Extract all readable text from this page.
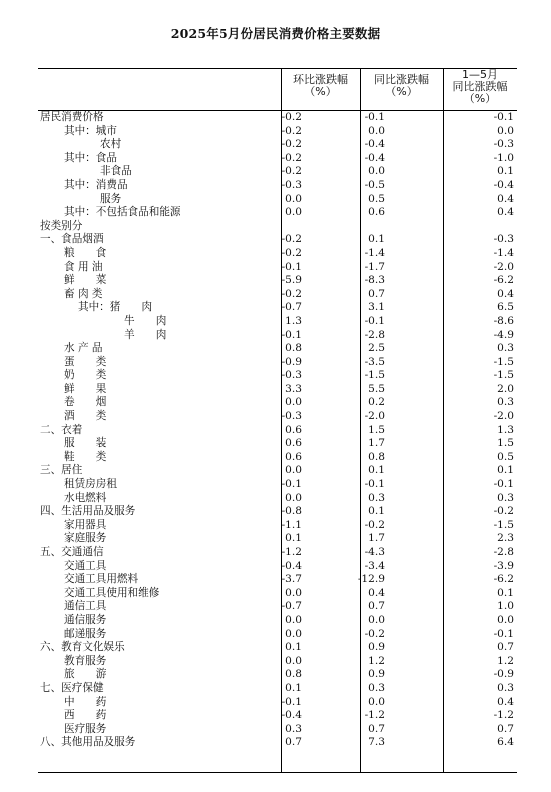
2025年5月份居民消费价格主要数据
环比涨跌幅
（%）
同比涨跌幅
（%）
1—5月
同比涨跌幅
（%）
居民消费价格	-0.2	-0.1	-0.1
其中：城市	-0.2	0.0	0.0
农村	-0.2	-0.4	-0.3
其中：食品	-0.2	-0.4	-1.0
非食品	-0.2	0.0	0.1
其中：消费品	-0.3	-0.5	-0.4
服务	0.0	0.5	0.4
其中：不包括食品和能源	0.0	0.6	0.4
按类别分
一、食品烟酒	-0.2	0.1	-0.3
粮　　食	-0.2	-1.4	-1.4
食 用 油	-0.1	-1.7	-2.0
鲜　　菜	-5.9	-8.3	-6.2
畜 肉 类	-0.2	0.7	0.4
其中：猪　　肉	-0.7	3.1	6.5
牛　　肉	1.3	-0.1	-8.6
羊　　肉	-0.1	-2.8	-4.9
水 产 品	0.8	2.5	0.3
蛋　　类	-0.9	-3.5	-1.5
奶　　类	-0.3	-1.5	-1.5
鲜　　果	3.3	5.5	2.0
卷　　烟	0.0	0.2	0.3
酒　　类	-0.3	-2.0	-2.0
二、衣着	0.6	1.5	1.3
服　　装	0.6	1.7	1.5
鞋　　类	0.6	0.8	0.5
三、居住	0.0	0.1	0.1
租赁房房租	-0.1	-0.1	-0.1
水电燃料	0.0	0.3	0.3
四、生活用品及服务	-0.8	0.1	-0.2
家用器具	-1.1	-0.2	-1.5
家庭服务	0.1	1.7	2.3
五、交通通信	-1.2	-4.3	-2.8
交通工具	-0.4	-3.4	-3.9
交通工具用燃料	-3.7	-12.9	-6.2
交通工具使用和维修	0.0	0.4	0.1
通信工具	-0.7	0.7	1.0
通信服务	0.0	0.0	0.0
邮递服务	0.0	-0.2	-0.1
六、教育文化娱乐	0.1	0.9	0.7
教育服务	0.0	1.2	1.2
旅　　游	0.8	0.9	-0.9
七、医疗保健	0.1	0.3	0.3
中　　药	-0.1	0.0	0.4
西　　药	-0.4	-1.2	-1.2
医疗服务	0.3	0.7	0.7
八、其他用品及服务	0.7	7.3	6.4
